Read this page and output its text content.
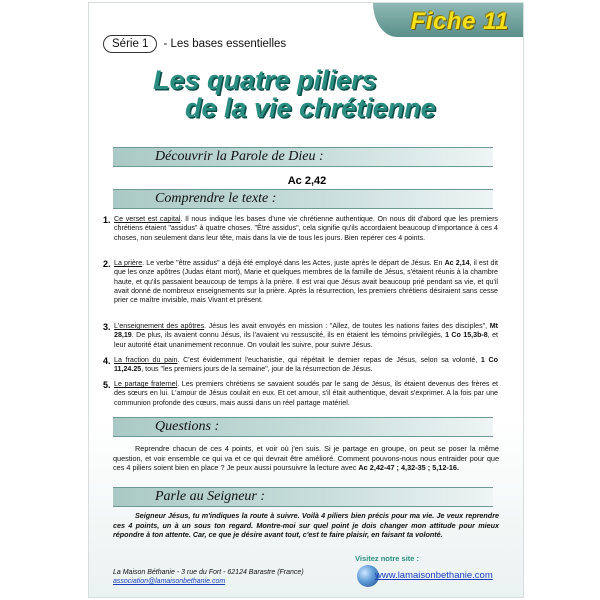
Fiche 11
Série 1	- Les bases essentielles
Les quatre piliers
de la vie chrétienne
Découvrir la Parole de Dieu :
Ac 2,42
Comprendre le texte :
1. Ce verset est capital. Il nous indique les bases d'une vie chrétienne authentique. On nous dit d'abord que les premiers chrétiens étaient "assidus" à quatre choses. "Être assidus", cela signifie qu'ils accordaient beaucoup d'importance à ces 4 choses, non seulement dans leur tête, mais dans la vie de tous les jours. Bien repérer ces 4 points.
2. La prière. Le verbe "être assidus" a déjà été employé dans les Actes, juste après le départ de Jésus. En Ac 2,14, il est dit que les onze apôtres (Judas étant mort), Marie et quelques membres de la famille de Jésus, s'étaient réunis à la chambre haute, et qu'ils passaient beaucoup de temps à la prière. Il est vrai que Jésus avait beaucoup prié pendant sa vie, et qu'il avait donné de nombreux enseignements sur la prière. Après la résurrection, les premiers chrétiens désiraient sans cesse prier ce maître invisible, mais Vivant et présent.
3. L'enseignement des apôtres. Jésus les avait envoyés en mission : "Allez, de toutes les nations faites des disciples", Mt 28,19. De plus, ils avaient connu Jésus, ils l'avaient vu ressuscité, ils en étaient les témoins privilégiés, 1 Co 15,3b-8, et leur autorité était unanimement reconnue. On voulait les suivre, pour suivre Jésus.
4. La fraction du pain. C'est évidemment l'eucharistie, qui répétait le dernier repas de Jésus, selon sa volonté, 1 Co 11,24.25, tous "les premiers jours de la semaine", jour de la résurrection de Jésus.
5. Le partage fraternel. Les premiers chrétiens se savaient soudés par le sang de Jésus, ils étaient devenus des frères et des sœurs en lui. L'amour de Jésus coulait en eux. Et cet amour, s'il était authentique, devait s'exprimer. A la fois par une communion profonde des cœurs, mais aussi dans un réel partage matériel.
Questions :
Reprendre chacun de ces 4 points, et voir où j'en suis. Si je partage en groupe, on peut se poser la même question, et voir ensemble ce qui va et ce qui devrait être amélioré. Comment pouvons-nous nous entraider pour que ces 4 piliers soient bien en place ? Je peux aussi poursuivre la lecture avec Ac 2,42-47 ; 4,32-35 ; 5,12-16.
Parle au Seigneur :
Seigneur Jésus, tu m'indiques la route à suivre. Voilà 4 piliers bien précis pour ma vie. Je veux reprendre ces 4 points, un à un sous ton regard. Montre-moi sur quel point je dois changer mon attitude pour mieux répondre à ton attente. Car, ce que je désire avant tout, c'est te faire plaisir, en faisant ta volonté.
Visitez notre site :
www.lamaisonbethanie.com
La Maison Béthanie - 3 rue du Fort - 62124 Barastre (France)
association@lamaisonbethanie.com
